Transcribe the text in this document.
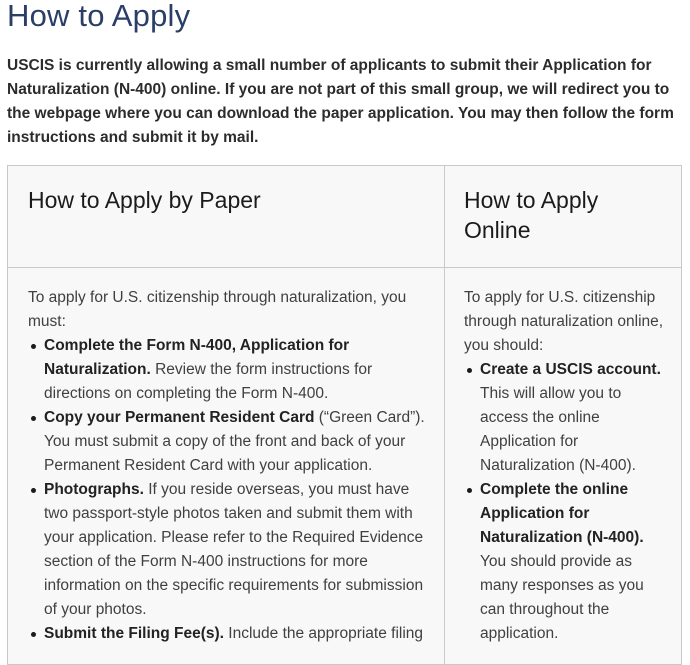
How to Apply

USCIS is currently allowing a small number of applicants to submit their Application for Naturalization (N-400) online. If you are not part of this small group, we will redirect you to the webpage where you can download the paper application. You may then follow the form instructions and submit it by mail.

How to Apply by Paper	How to Apply Online

To apply for U.S. citizenship through naturalization, you must:

Complete the Form N-400, Application for Naturalization. Review the form instructions for directions on completing the Form N-400.
Copy your Permanent Resident Card (“Green Card”). You must submit a copy of the front and back of your Permanent Resident Card with your application.
Photographs. If you reside overseas, you must have two passport-style photos taken and submit them with your application. Please refer to the Required Evidence section of the Form N-400 instructions for more information on the specific requirements for submission of your photos.
Submit the Filing Fee(s). Include the appropriate filing

To apply for U.S. citizenship through naturalization online, you should:

Create a USCIS account. This will allow you to access the online Application for Naturalization (N-400).
Complete the online Application for Naturalization (N-400). You should provide as many responses as you can throughout the application.
